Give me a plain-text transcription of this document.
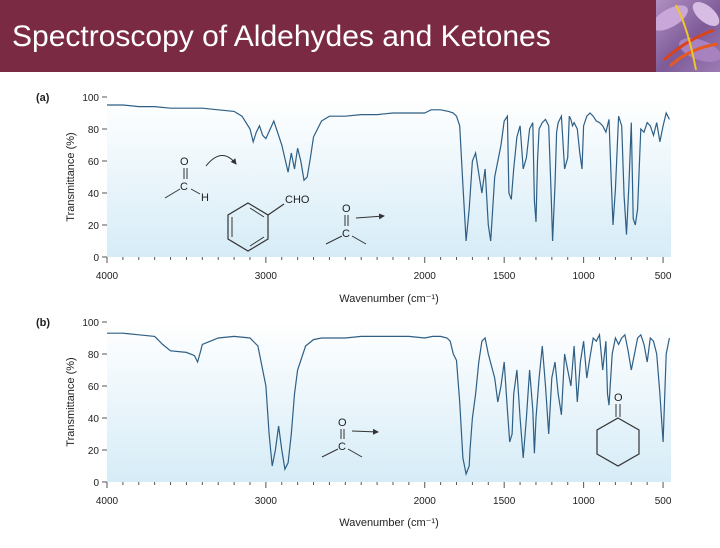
Spectroscopy of Aldehydes and Ketones
(a)
0
20
40
60
80
100
4000	3000	2000	1500	1000	500
Transmittance (%)
Wavenumber (cm⁻¹)
O
C
H	CHO
O
C
(b)
0
20
40
60
80
100
4000	3000	2000	1500	1000	500
Transmittance (%)
Wavenumber (cm⁻¹)
O
C
O
